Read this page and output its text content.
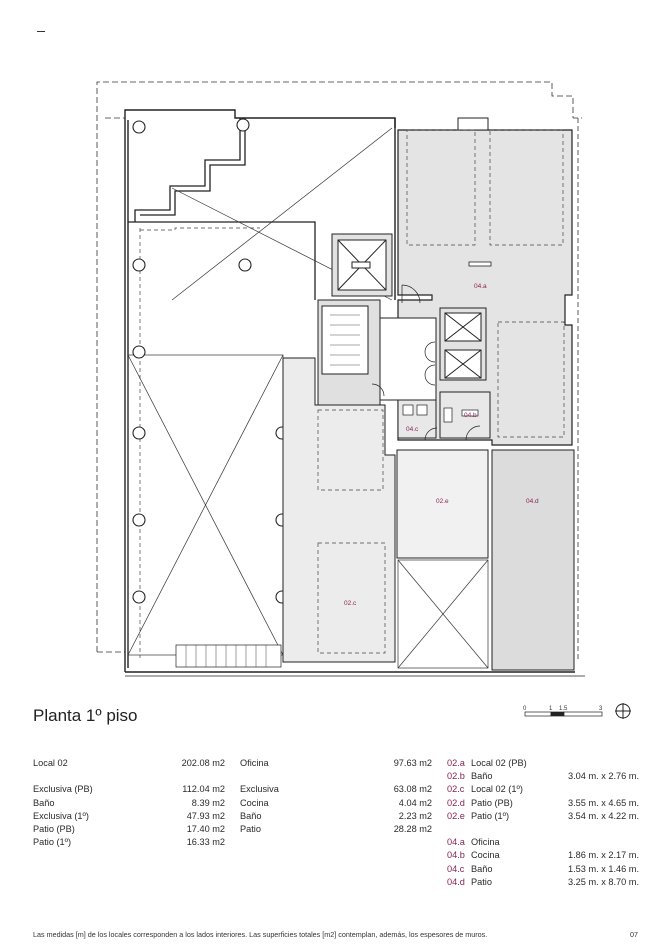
04.a
04.b
04.c
04.d
02.e
02.c
Planta 1º piso	0	1 1.5	3
Local 02	202.08 m2
Exclusiva (PB)	112.04 m2
Baño	8.39 m2
Exclusiva (1º)	47.93 m2
Patio (PB)	17.40 m2
Patio (1º)	16.33 m2
Oficina	97.63 m2
Exclusiva	63.08 m2
Cocina	4.04 m2
Baño	2.23 m2
Patio	28.28 m2
02.a Local 02 (PB)
02.b Baño	3.04 m. x 2.76 m.
02.c Local 02 (1º)
02.d Patio (PB)	3.55 m. x 4.65 m.
02.e Patio (1º)	3.54 m. x 4.22 m.
04.a Oficina
04.b Cocina	1.86 m. x 2.17 m.
04.c Baño	1.53 m. x 1.46 m.
04.d Patio	3.25 m. x 8.70 m.
Las medidas [m] de los locales corresponden a los lados interiores. Las superficies totales [m2] contemplan, además, los espesores de muros.	07
